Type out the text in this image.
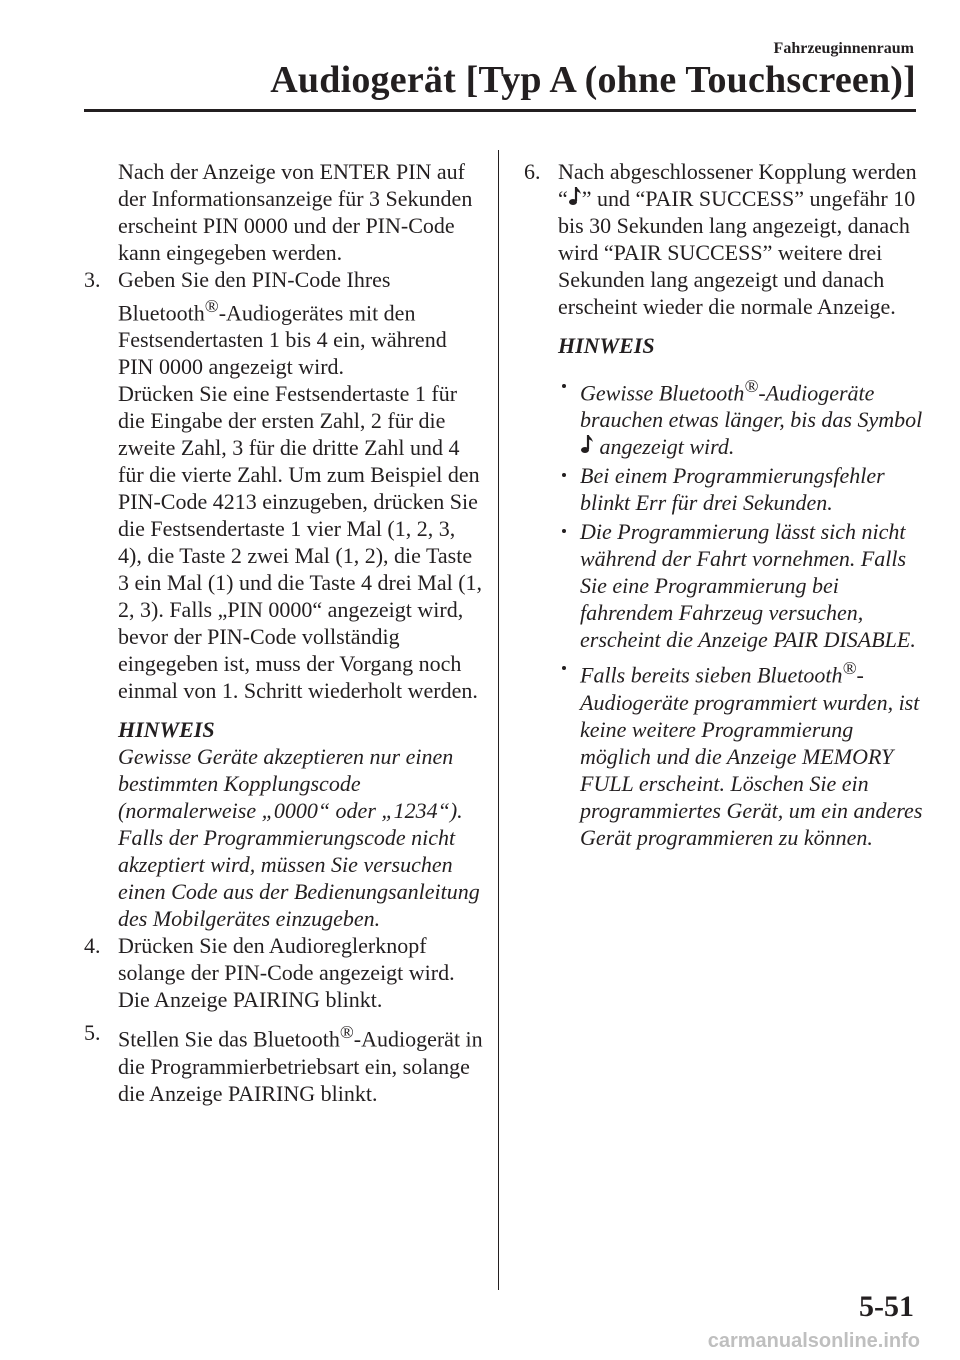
Fahrzeuginnenraum
Audiogerät [Typ A (ohne Touchscreen)]
Nach der Anzeige von ENTER PIN auf der Informationsanzeige für 3 Sekunden erscheint PIN 0000 und der PIN-Code kann eingegeben werden.
3. Geben Sie den PIN-Code Ihres Bluetooth®-Audiogerätes mit den Festsendertasten 1 bis 4 ein, während PIN 0000 angezeigt wird.
Drücken Sie eine Festsendertaste 1 für die Eingabe der ersten Zahl, 2 für die zweite Zahl, 3 für die dritte Zahl und 4 für die vierte Zahl. Um zum Beispiel den PIN-Code 4213 einzugeben, drücken Sie die Festsendertaste 1 vier Mal (1, 2, 3, 4), die Taste 2 zwei Mal (1, 2), die Taste 3 ein Mal (1) und die Taste 4 drei Mal (1, 2, 3). Falls „PIN 0000“ angezeigt wird, bevor der PIN-Code vollständig eingegeben ist, muss der Vorgang noch einmal von 1. Schritt wiederholt werden.
HINWEIS
Gewisse Geräte akzeptieren nur einen bestimmten Kopplungscode (normalerweise „0000“ oder „1234“). Falls der Programmierungscode nicht akzeptiert wird, müssen Sie versuchen einen Code aus der Bedienungsanleitung des Mobilgerätes einzugeben.
4. Drücken Sie den Audioreglerknopf solange der PIN-Code angezeigt wird. Die Anzeige PAIRING blinkt.
5. Stellen Sie das Bluetooth®-Audiogerät in die Programmierbetriebsart ein, solange die Anzeige PAIRING blinkt.
6. Nach abgeschlossener Kopplung werden “ ” und “PAIR SUCCESS” ungefähr 10 bis 30 Sekunden lang angezeigt, danach wird “PAIR SUCCESS” weitere drei Sekunden lang angezeigt und danach erscheint wieder die normale Anzeige.
HINWEIS
Gewisse Bluetooth®-Audiogeräte brauchen etwas länger, bis das Symbol  angezeigt wird.
Bei einem Programmierungsfehler blinkt Err für drei Sekunden.
Die Programmierung lässt sich nicht während der Fahrt vornehmen. Falls Sie eine Programmierung bei fahrendem Fahrzeug versuchen, erscheint die Anzeige PAIR DISABLE.
Falls bereits sieben Bluetooth®-Audiogeräte programmiert wurden, ist keine weitere Programmierung möglich und die Anzeige MEMORY FULL erscheint. Löschen Sie ein programmiertes Gerät, um ein anderes Gerät programmieren zu können.
5-51
carmanualsonline.info
